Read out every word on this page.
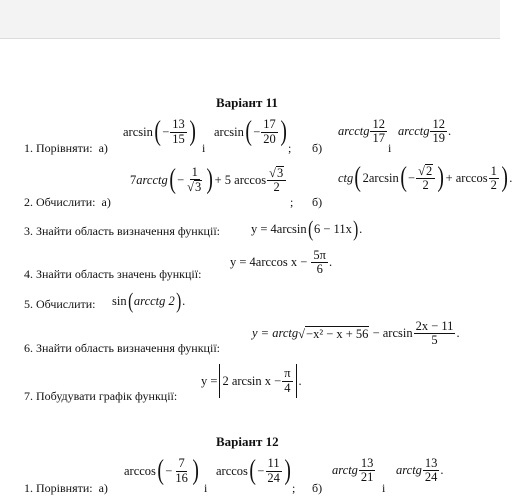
Варіант 11
1. Порівняти: а)
arcsin ( − $\frac{13}{15}$ )
і
arcsin ( − $\frac{17}{20}$ )
; б)
arcctg $\frac{12}{17}$
і
arcctg $\frac{12}{19}$ .
2. Обчислити: а)
7 arcctg ( − $\frac{1}{√ 3}$ ) + 5
$\arccos \frac{√ 3}{2}$
; б)
ctg ( 2 arcsin ( − $\frac{√ 2}{2}$ ) +
$\arccos \frac{1}{2}$ )
3. Знайти область визначення функції: y = 4arcsin ( 6 − 11x ) .
4. Знайти область значень функції:
y = 4arccos x −
$\frac{5\pi}{6}$ .
5. Обчислити: sin ( arcctg 2 ) .
6. Знайти область визначення функції:
y = arctg √ −x² − x + 56
− $\arcsin \frac{2x - 11}{5}$ .
7. Побудувати графік функції:
y = 2 $\arcsin x - \frac{\pi}{4}$ .
Варіант 12
1. Порівняти: а)
arccos ( − $\frac{7}{16}$ )
і
arccos ( − $\frac{11}{24}$ )
; б)
arctg $\frac{13}{21}$
і
arctg $\frac{13}{24}$ .
